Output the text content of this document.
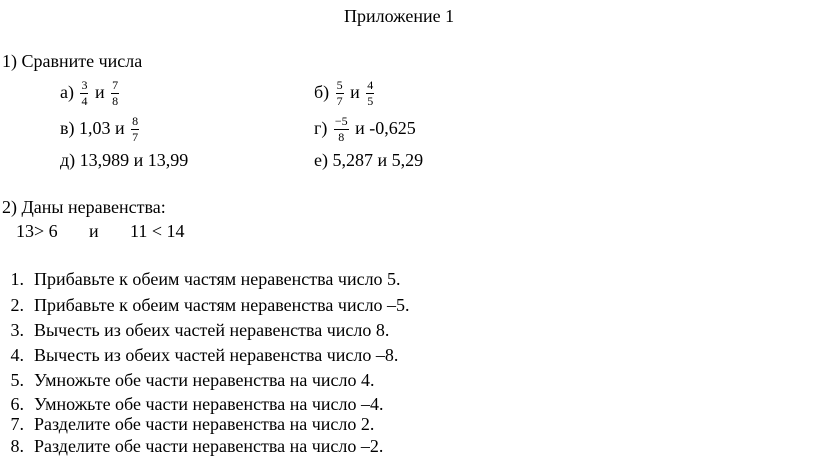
Приложение 1
1) Сравните числа
$а) \frac{3}{4}$ и $\frac{7}{8}$	$б) \frac{5}{7}$ и $\frac{4}{5}$
в) 1,03 и $\frac{8}{7}$	$г) \frac{-5}{8}$ и -0,625
д) 13,989 и 13,99	е) 5,287 и 5,29
2) Даны неравенства:
13> 6 и 11 < 14
1. Прибавьте к обеим частям неравенства число 5.
2. Прибавьте к обеим частям неравенства число –5.
3. Вычесть из обеих частей неравенства число 8.
4. Вычесть из обеих частей неравенства число –8.
5. Умножьте обе части неравенства на число 4.
6. Умножьте обе части неравенства на число –4.
7. Разделите обе части неравенства на число 2.
8. Разделите обе части неравенства на число –2.
